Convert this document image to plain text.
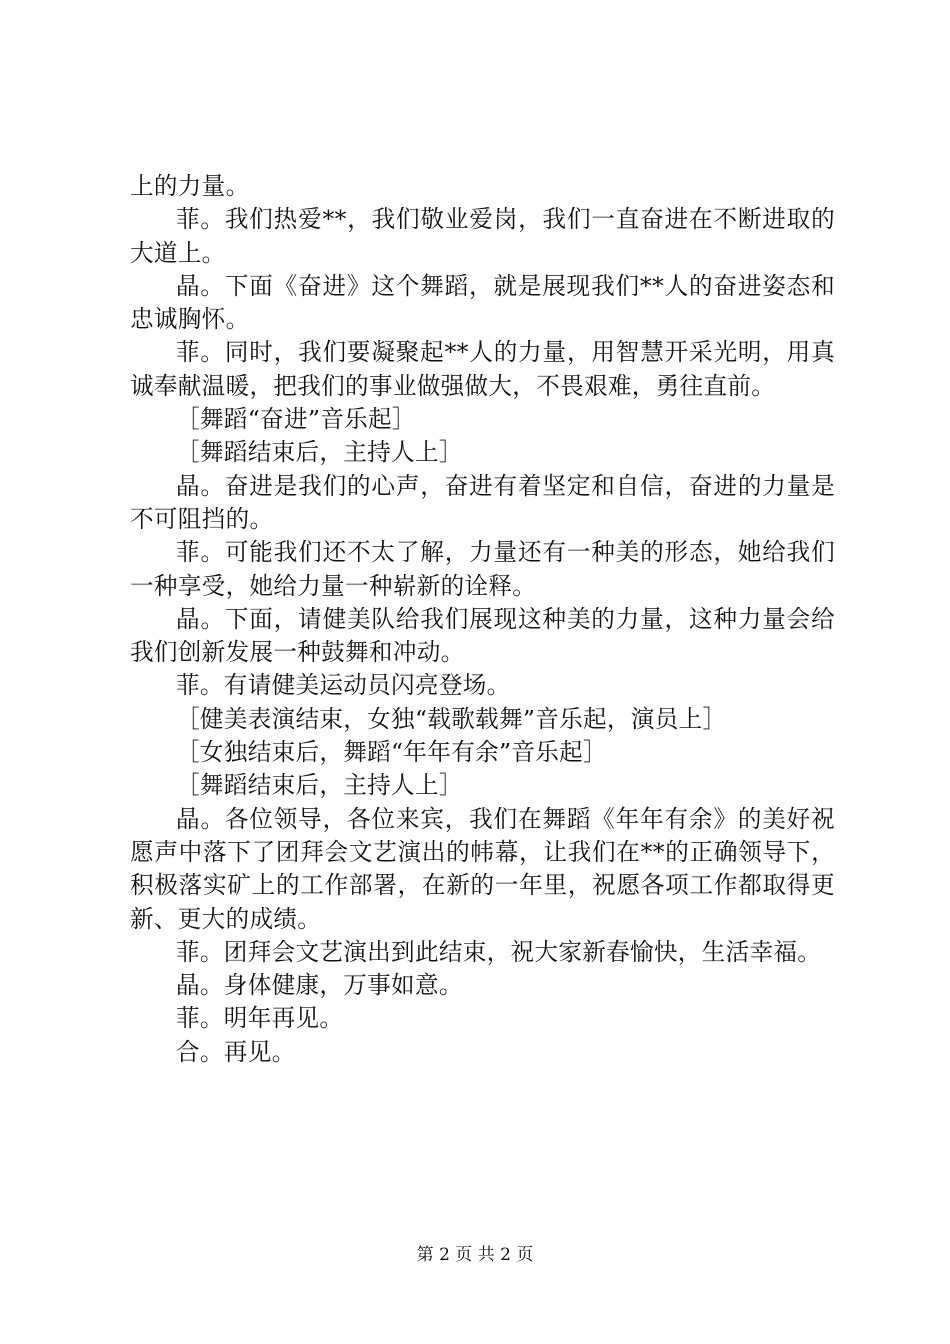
上的力量。

菲。我们热爱**，我们敬业爱岗，我们一直奋进在不断进取的大道上。

晶。下面《奋进》这个舞蹈，就是展现我们**人的奋进姿态和忠诚胸怀。

菲。同时，我们要凝聚起**人的力量，用智慧开采光明，用真诚奉献温暖，把我们的事业做强做大，不畏艰难，勇往直前。

［舞蹈“奋进”音乐起］

［舞蹈结束后，主持人上］

晶。奋进是我们的心声，奋进有着坚定和自信，奋进的力量是不可阻挡的。

菲。可能我们还不太了解，力量还有一种美的形态，她给我们一种享受，她给力量一种崭新的诠释。

晶。下面，请健美队给我们展现这种美的力量，这种力量会给我们创新发展一种鼓舞和冲动。

菲。有请健美运动员闪亮登场。

［健美表演结束，女独“载歌载舞”音乐起，演员上］

［女独结束后，舞蹈“年年有余”音乐起］

［舞蹈结束后，主持人上］

晶。各位领导，各位来宾，我们在舞蹈《年年有余》的美好祝愿声中落下了团拜会文艺演出的帏幕，让我们在**的正确领导下，积极落实矿上的工作部署，在新的一年里，祝愿各项工作都取得更新、更大的成绩。

菲。团拜会文艺演出到此结束，祝大家新春愉快，生活幸福。

晶。身体健康，万事如意。

菲。明年再见。

合。再见。

第 2 页 共 2 页
